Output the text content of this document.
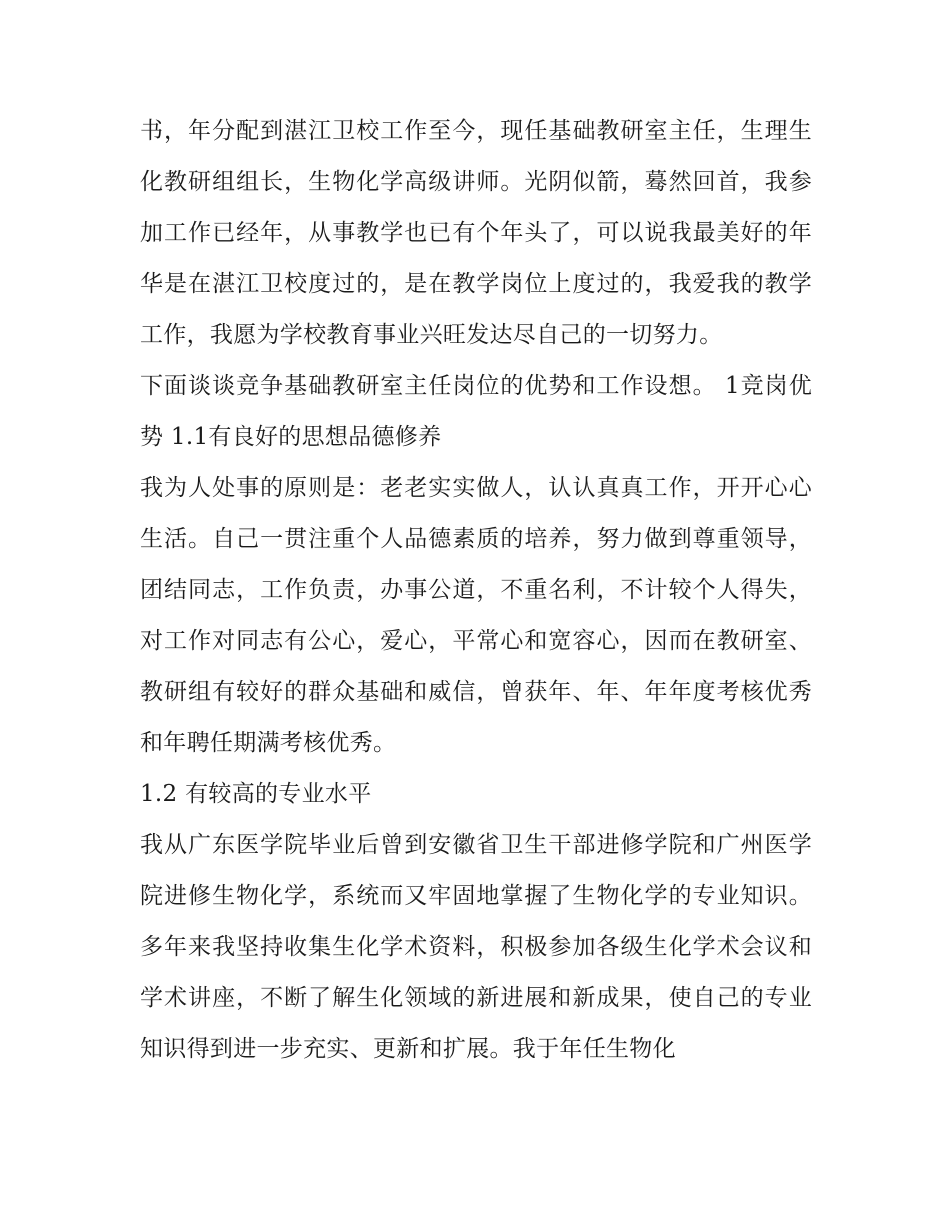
书，年分配到湛江卫校工作至今，现任基础教研室主任，生理生化教研组组长，生物化学高级讲师。光阴似箭，蓦然回首，我参加工作已经年，从事教学也已有个年头了，可以说我最美好的年华是在湛江卫校度过的，是在教学岗位上度过的，我爱我的教学工作，我愿为学校教育事业兴旺发达尽自己的一切努力。

下面谈谈竞争基础教研室主任岗位的优势和工作设想。 1竞岗优势 1.1有良好的思想品德修养

我为人处事的原则是：老老实实做人，认认真真工作，开开心心生活。自己一贯注重个人品德素质的培养，努力做到尊重领导，团结同志，工作负责，办事公道，不重名利，不计较个人得失，对工作对同志有公心，爱心，平常心和宽容心，因而在教研室、教研组有较好的群众基础和威信，曾获年、年、年年度考核优秀和年聘任期满考核优秀。

1.2 有较高的专业水平

我从广东医学院毕业后曾到安徽省卫生干部进修学院和广州医学院进修生物化学，系统而又牢固地掌握了生物化学的专业知识。多年来我坚持收集生化学术资料，积极参加各级生化学术会议和学术讲座，不断了解生化领域的新进展和新成果，使自己的专业知识得到进一步充实、更新和扩展。我于年任生物化
